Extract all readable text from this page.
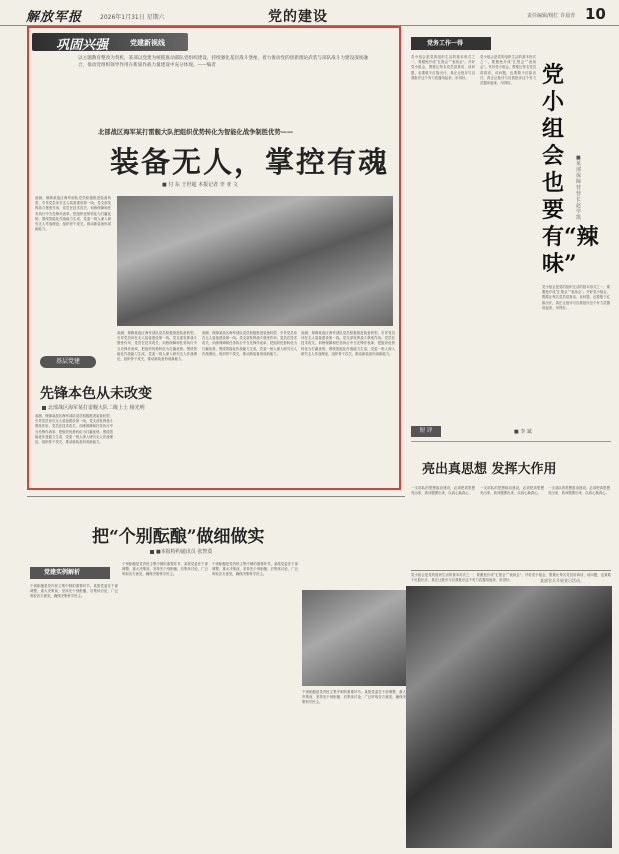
解放军报	2026年1月31日 星期六	党的建设	责任编辑/杨忙 许晨青 10
巩固兴强	党建新视线
以主题教育整改为契机，某部以党建为统揽推动部队党组织建设，持续强化基层战斗堡垒，着力推动党的创新理论武装与部队战斗力建设深度融合，推动党组织领导作用在新质作战力量建设中充分体现。——编者
北部战区海军某打雷舰大队把组织优势转化为智能化战争制胜优势——
装备无人，掌控有魂
■ 付 东 王世超 本报记者 李 亚 文
洞测、保障某战区海军部队党员积极推进装备转型，引导党员冲在无人装备建设第一线。党支部发挥战斗堡垒作用，党员在技术攻关、训练保障和任务执行中当先锋作表率，把组织优势转化为打赢优势。围绕智能化作战能力生成，党委一班人深入研究无人作战理论，组织骨干攻关，推动新装备形成新能力。
洞测、保障某战区海军部队党员积极推进装备转型，引导党员冲在无人装备建设第一线。党支部发挥战斗堡垒作用，党员在技术攻关、训练保障和任务执行中当先锋作表率，把组织优势转化为打赢优势。围绕智能化作战能力生成，党委一班人深入研究无人作战理论，组织骨干攻关，推动新装备形成新能力。
洞测、保障某战区海军部队党员积极推进装备转型，引导党员冲在无人装备建设第一线。党支部发挥战斗堡垒作用，党员在技术攻关、训练保障和任务执行中当先锋作表率，把组织优势转化为打赢优势。围绕智能化作战能力生成，党委一班人深入研究无人作战理论，组织骨干攻关，推动新装备形成新能力。
洞测、保障某战区海军部队党员积极推进装备转型，引导党员冲在无人装备建设第一线。党支部发挥战斗堡垒作用，党员在技术攻关、训练保障和任务执行中当先锋作表率，把组织优势转化为打赢优势。围绕智能化作战能力生成，党委一班人深入研究无人作战理论，组织骨干攻关，推动新装备形成新能力。
基层党建
先锋本色从未改变
北部战区海军某打雷舰大队二级上士 杨光明
洞测、保障某战区海军部队党员积极推进装备转型，引导党员冲在无人装备建设第一线。党支部发挥战斗堡垒作用，党员在技术攻关、训练保障和任务执行中当先锋作表率，把组织优势转化为打赢优势。围绕智能化作战能力生成，党委一班人深入研究无人作战理论，组织骨干攻关，推动新装备形成新能力。
党务工作一得
党小组会是党的组织生活的基本形式之一，要避免开成“汇报会”“表扬会”。开好党小组会，既要让每名党员讲真话、谈问题，也要敢于红脸出汗，真正让批评与自我批评这个有力武器用起来、用得好。
党小组会是党的组织生活的基本形式之一，要避免开成“汇报会”“表扬会”。开好党小组会，既要让每名党员讲真话、谈问题，也要敢于红脸出汗，真正让批评与自我批评这个有力武器用起来、用得好。	党小组会也要有“辣味”
■某部保障营营长 赵学凯
党小组会是党的组织生活的基本形式之一，要避免开成“汇报会”“表扬会”。开好党小组会，既要让每名党员讲真话、谈问题，也要敢于红脸出汗，真正让批评与自我批评这个有力武器用起来、用得好。
短 评	■ 李 斌
亮出真思想 发挥大作用
一支部队的思想政治建设，必须把真思想亮出来，真问题摆出来，以真心换真心。
一支部队的思想政治建设，必须把真思想亮出来，真问题摆出来，以真心换真心。
一支部队的思想政治建设，必须把真思想亮出来，真问题摆出来，以真心换真心。
党小组会是党的组织生活的基本形式之一，要避免开成“汇报会”“表扬会”。开好党小组会，既要让每名党员讲真话、谈问题，也要敢于红脸出汗，真正让批评与自我批评这个有力武器用起来、用得好。
把“个别酝酿”做细做实
■本报特约通讯员 张智莫
党建实例解析
个别酝酿是党内民主集中制的重要环节。某旅党委在干部调整、重大决策前，坚持先个别酝酿、后集体讨论，广泛听取各方意见，确保决策科学民主。
个别酝酿是党内民主集中制的重要环节。某旅党委在干部调整、重大决策前，坚持先个别酝酿、后集体讨论，广泛听取各方意见，确保决策科学民主。
个别酝酿是党内民主集中制的重要环节。某旅党委在干部调整、重大决策前，坚持先个别酝酿、后集体讨论，广泛听取各方意见，确保决策科学民主。
个别酝酿是党内民主集中制的重要环节。某旅党委在干部调整、重大决策前，坚持先个别酝酿、后集体讨论，广泛听取各方意见，确保决策科学民主。
某部官兵开展党日活动。
